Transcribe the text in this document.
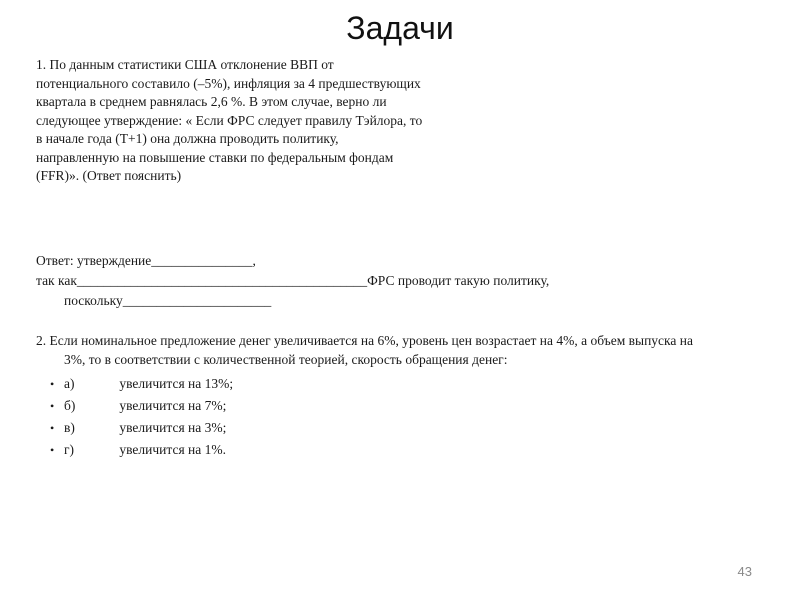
Задачи
1. По данным статистики США отклонение ВВП от
потенциального составило (–5%), инфляция за 4 предшествующих
квартала в среднем равнялась 2,6 %. В этом случае, верно ли
следующее утверждение: « Если ФРС следует правилу Тэйлора, то
в начале года (T+1) она должна проводить политику,
направленную на повышение ставки по федеральным фондам
(FFR)». (Ответ пояснить)
Ответ: утверждение_______________,
так как___________________________________________ФРС проводит такую политику,
поскольку______________________
2. Если номинальное предложение денег увеличивается на 6%, уровень цен возрастает на 4%, а объем выпуска на
3%, то в соответствии с количественной теорией, скорость обращения денег:
• а)	увеличится на 13%;
• б)	увеличится на 7%;
• в)	увеличится на 3%;
• г)	увеличится на 1%.
43
